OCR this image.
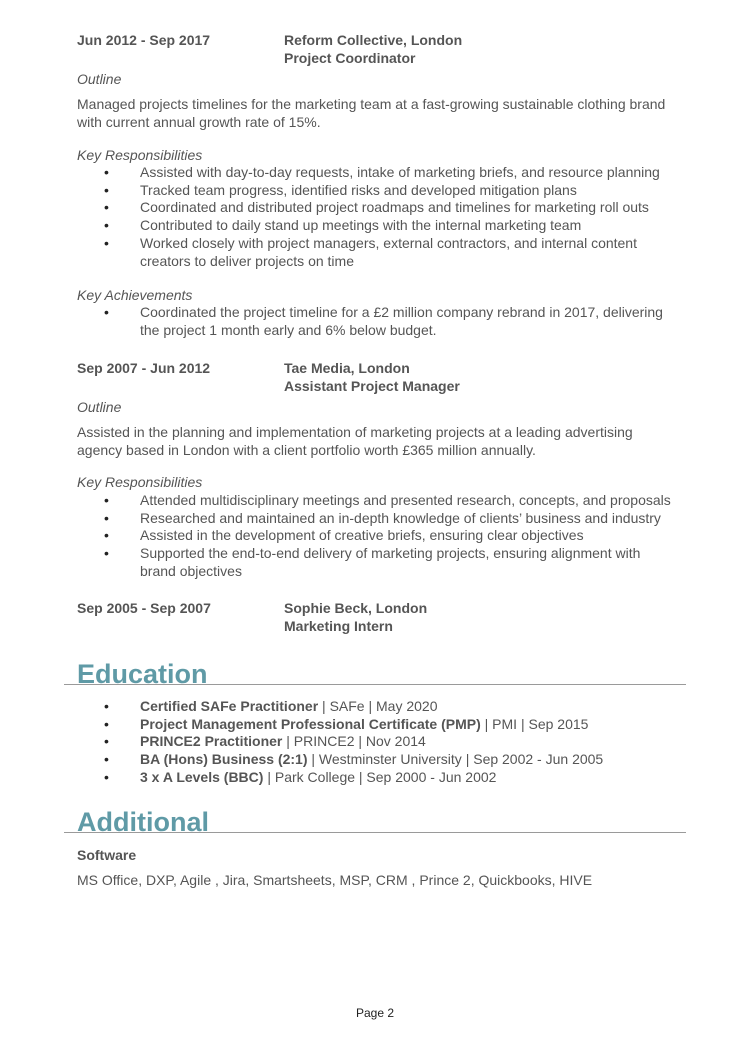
Jun 2012 - Sep 2017	Reform Collective, London
Project Coordinator
Outline
Managed projects timelines for the marketing team at a fast-growing sustainable clothing brand with current annual growth rate of 15%.
Key Responsibilities
• Assisted with day-to-day requests, intake of marketing briefs, and resource planning
• Tracked team progress, identified risks and developed mitigation plans
• Coordinated and distributed project roadmaps and timelines for marketing roll outs
• Contributed to daily stand up meetings with the internal marketing team
• Worked closely with project managers, external contractors, and internal content creators to deliver projects on time
Key Achievements
• Coordinated the project timeline for a £2 million company rebrand in 2017, delivering the project 1 month early and 6% below budget.
Sep 2007 - Jun 2012	Tae Media, London
Assistant Project Manager
Outline
Assisted in the planning and implementation of marketing projects at a leading advertising agency based in London with a client portfolio worth £365 million annually.
Key Responsibilities
• Attended multidisciplinary meetings and presented research, concepts, and proposals
• Researched and maintained an in-depth knowledge of clients’ business and industry
• Assisted in the development of creative briefs, ensuring clear objectives
• Supported the end-to-end delivery of marketing projects, ensuring alignment with brand objectives
Sep 2005 - Sep 2007	Sophie Beck, London
Marketing Intern
Education
• Certified SAFe Practitioner | SAFe | May 2020
• Project Management Professional Certificate (PMP) | PMI | Sep 2015
• PRINCE2 Practitioner | PRINCE2 | Nov 2014
• BA (Hons) Business (2:1) | Westminster University | Sep 2002 - Jun 2005
• 3 x A Levels (BBC) | Park College | Sep 2000 - Jun 2002
Additional
Software
MS Office, DXP, Agile , Jira, Smartsheets, MSP, CRM , Prince 2, Quickbooks, HIVE
Page 2
